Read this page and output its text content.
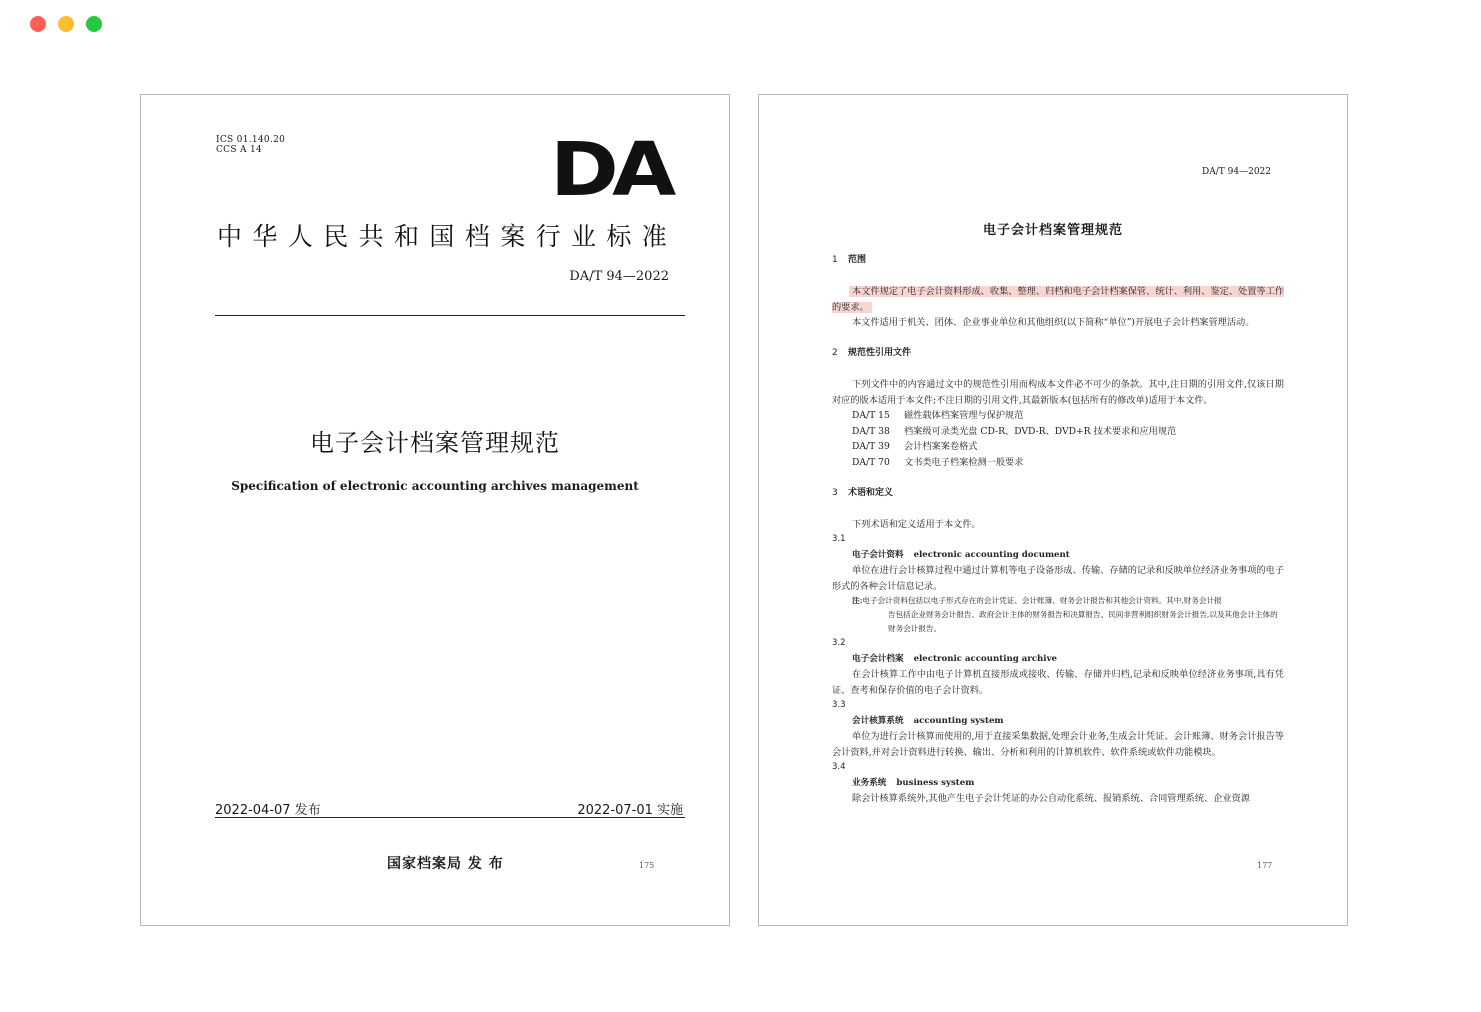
ICS 01.140.20
CCS A 14	DA
中华人民共和国档案行业标准
DA/T 94—2022
电子会计档案管理规范
Specification of electronic accounting archives management
2022-04-07 发布	2022-07-01 实施
国家档案局 发 布	175
DA/T 94—2022
电子会计档案管理规范

1 范围

本文件规定了电子会计资料形成、收集、整理、归档和电子会计档案保管、统计、利用、鉴定、处置等工作的要求。

本文件适用于机关、团体、企业事业单位和其他组织(以下简称“单位”)开展电子会计档案管理活动。

2 规范性引用文件

下列文件中的内容通过文中的规范性引用而构成本文件必不可少的条款。其中,注日期的引用文件,仅该日期对应的版本适用于本文件;不注日期的引用文件,其最新版本(包括所有的修改单)适用于本文件。

DA/T 15 磁性载体档案管理与保护规范

DA/T 38 档案级可录类光盘 CD-R、DVD-R、DVD+R 技术要求和应用规范

DA/T 39 会计档案案卷格式

DA/T 70 文书类电子档案检测一般要求

3 术语和定义

下列术语和定义适用于本文件。

3.1

电子会计资料 electronic accounting document

单位在进行会计核算过程中通过计算机等电子设备形成、传输、存储的记录和反映单位经济业务事项的电子形式的各种会计信息记录。

注:电子会计资料包括以电子形式存在的会计凭证、会计账簿、财务会计报告和其他会计资料。其中,财务会计报
告包括企业财务会计报告、政府会计主体的财务报告和决算报告、民间非营利组织财务会计报告,以及其他会计主体的财务会计报告。

3.2

电子会计档案 electronic accounting archive

在会计核算工作中由电子计算机直接形成或接收、传输、存储并归档,记录和反映单位经济业务事项,具有凭证、查考和保存价值的电子会计资料。

3.3

会计核算系统 accounting system

单位为进行会计核算而使用的,用于直接采集数据,处理会计业务,生成会计凭证、会计账簿、财务会计报告等会计资料,并对会计资料进行转换、输出、分析和利用的计算机软件、软件系统或软件功能模块。

3.4

业务系统 business system

除会计核算系统外,其他产生电子会计凭证的办公自动化系统、报销系统、合同管理系统、企业资源

177
